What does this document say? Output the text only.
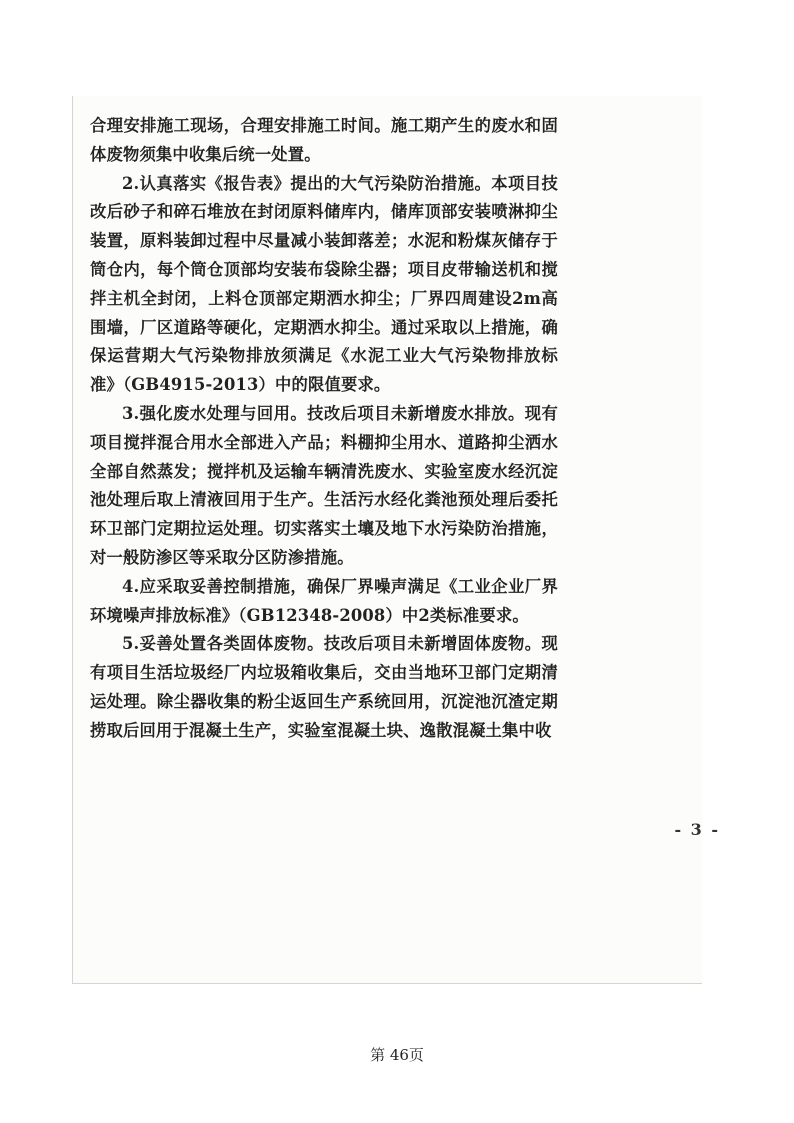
合理安排施工现场，合理安排施工时间。施工期产生的废水和固体废物须集中收集后统一处置。

2.认真落实《报告表》提出的大气污染防治措施。本项目技改后砂子和碎石堆放在封闭原料储库内，储库顶部安装喷淋抑尘装置，原料装卸过程中尽量减小装卸落差；水泥和粉煤灰储存于筒仓内，每个筒仓顶部均安装布袋除尘器；项目皮带输送机和搅拌主机全封闭，上料仓顶部定期洒水抑尘；厂界四周建设2m高围墙，厂区道路等硬化，定期洒水抑尘。通过采取以上措施，确保运营期大气污染物排放须满足《水泥工业大气污染物排放标准》（GB4915-2013）中的限值要求。

3.强化废水处理与回用。技改后项目未新增废水排放。现有项目搅拌混合用水全部进入产品；料棚抑尘用水、道路抑尘洒水全部自然蒸发；搅拌机及运输车辆清洗废水、实验室废水经沉淀池处理后取上清液回用于生产。生活污水经化粪池预处理后委托环卫部门定期拉运处理。切实落实土壤及地下水污染防治措施，对一般防渗区等采取分区防渗措施。

4.应采取妥善控制措施，确保厂界噪声满足《工业企业厂界环境噪声排放标准》（GB12348-2008）中2类标准要求。

5.妥善处置各类固体废物。技改后项目未新增固体废物。现有项目生活垃圾经厂内垃圾箱收集后，交由当地环卫部门定期清运处理。除尘器收集的粉尘返回生产系统回用，沉淀池沉渣定期捞取后回用于混凝土生产，实验室混凝土块、逸散混凝土集中收

- 3 -
第 46页
